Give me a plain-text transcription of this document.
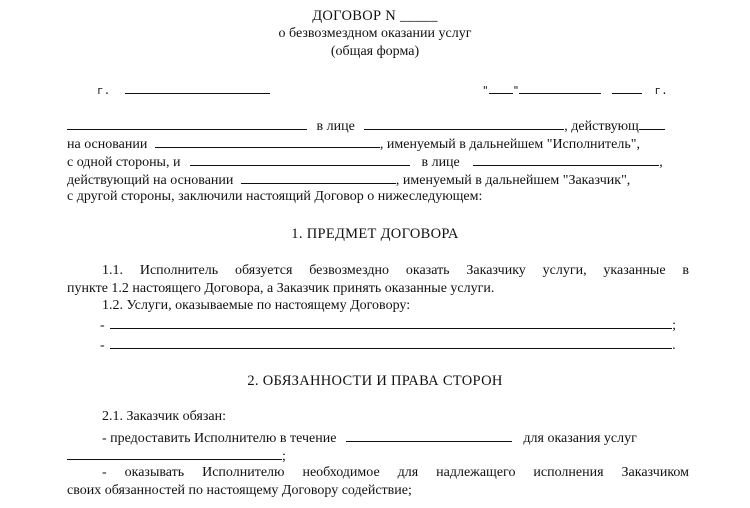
ДОГОВОР N _____
о безвозмездном оказании услуг
(общая форма)
г.	" "	г.
в лице	, действующ
на основании	, именуемый в дальнейшем "Исполнитель",
с одной стороны, и	в лице	,
действующий на основании	, именуемый в дальнейшем "Заказчик",
с другой стороны, заключили настоящий Договор о нижеследующем:
1. ПРЕДМЕТ ДОГОВОРА
1.1. Исполнитель обязуется безвозмездно оказать Заказчику услуги, указанные в
пункте 1.2 настоящего Договора, а Заказчик принять оказанные услуги.
1.2. Услуги, оказываемые по настоящему Договору:
-	;
-	.
2. ОБЯЗАННОСТИ И ПРАВА СТОРОН
2.1. Заказчик обязан:
- предоставить Исполнителю в течение	для оказания услуг
;
- оказывать Исполнителю необходимое для надлежащего исполнения Заказчиком
своих обязанностей по настоящему Договору содействие;
